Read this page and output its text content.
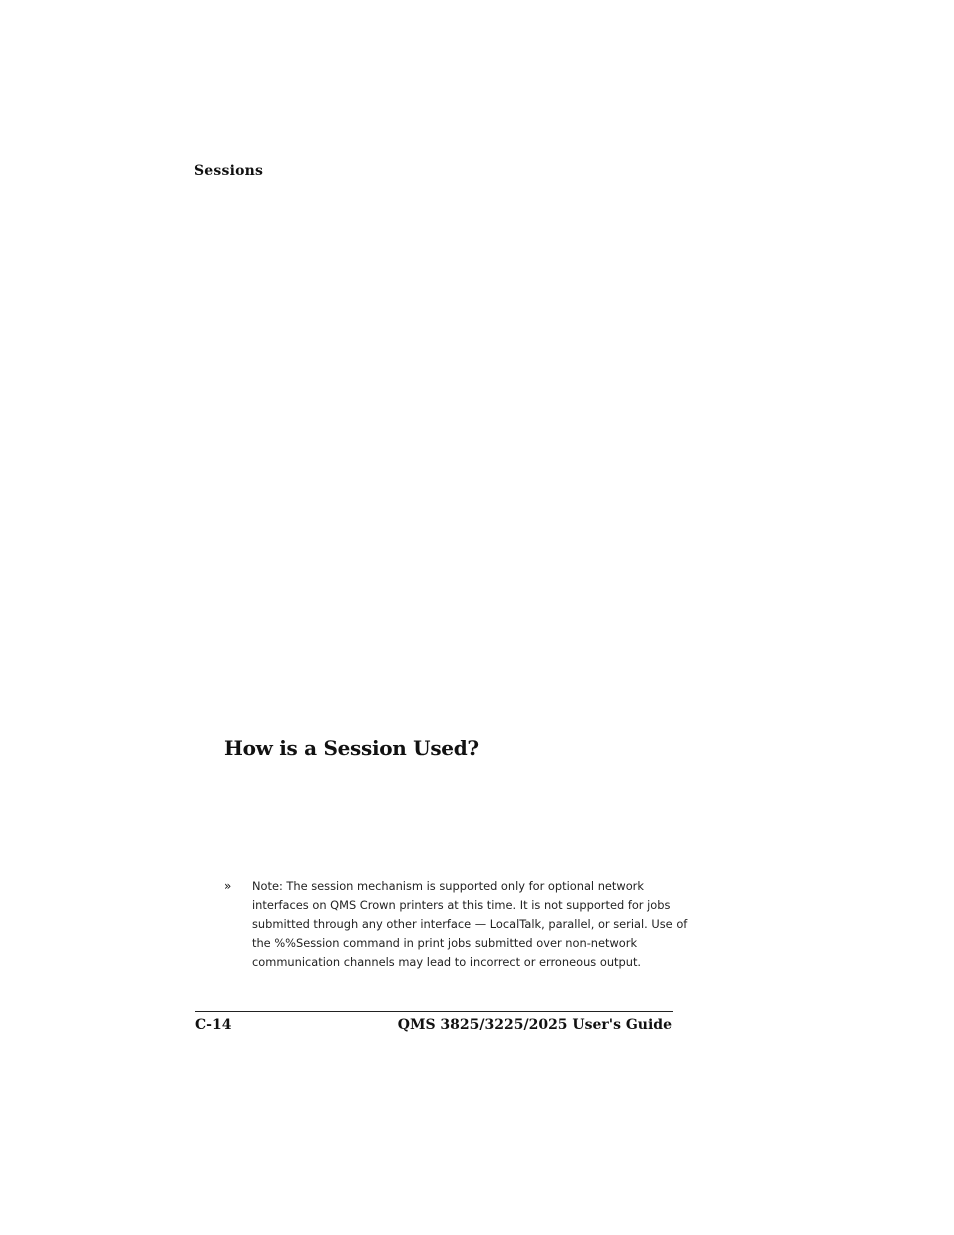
Sessions
How is a Session Used?
» Note: The session mechanism is supported only for optional network
interfaces on QMS Crown printers at this time. It is not supported for jobs
submitted through any other interface — LocalTalk, parallel, or serial. Use of
the %%Session command in print jobs submitted over non-network
communication channels may lead to incorrect or erroneous output.

C-14	QMS 3825/3225/2025 User's Guide
